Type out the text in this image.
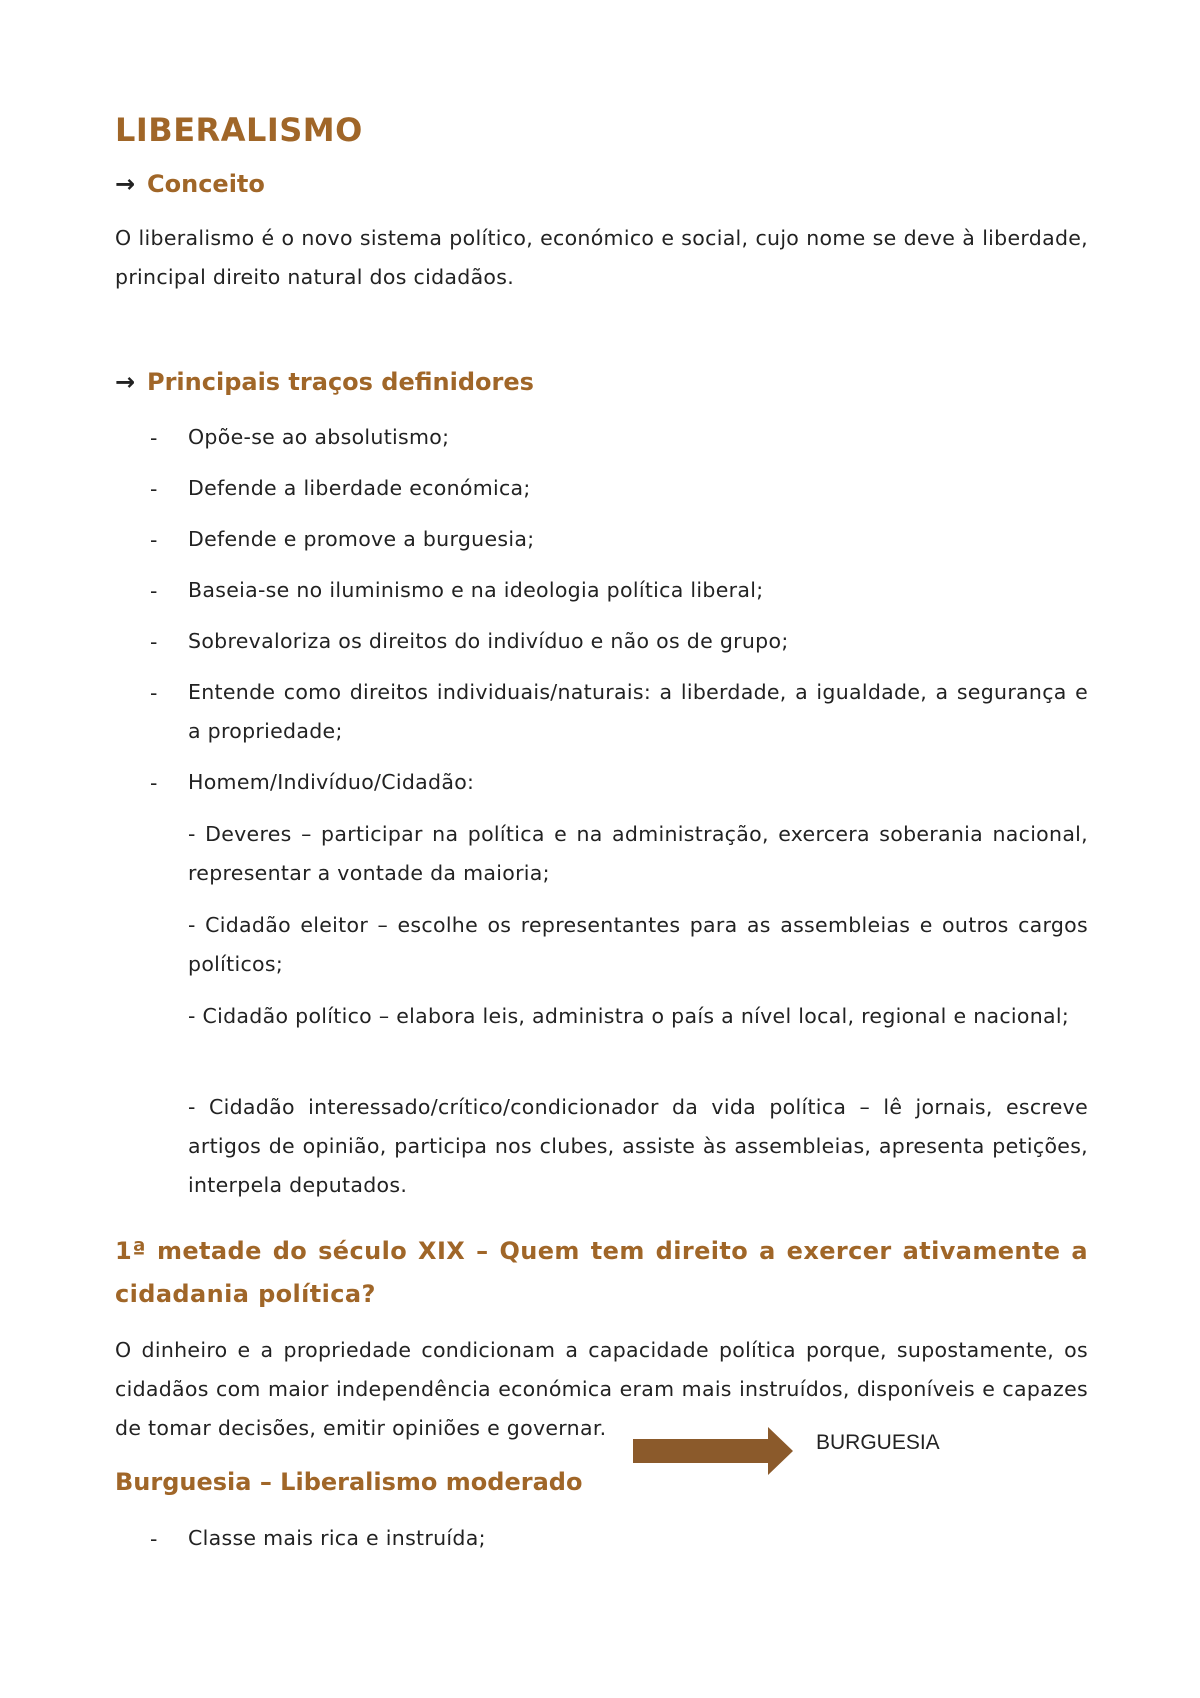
LIBERALISMO
→ Conceito
O liberalismo é o novo sistema político, económico e social, cujo nome se deve à liberdade, principal direito natural dos cidadãos.
→ Principais traços definidores
- Opõe-se ao absolutismo;
- Defende a liberdade económica;
- Defende e promove a burguesia;
- Baseia-se no iluminismo e na ideologia política liberal;
- Sobrevaloriza os direitos do indivíduo e não os de grupo;
- Entende como direitos individuais/naturais: a liberdade, a igualdade, a segurança e a propriedade;
- Homem/Indivíduo/Cidadão:
- Deveres – participar na política e na administração, exercera soberania nacional, representar a vontade da maioria;
- Cidadão eleitor – escolhe os representantes para as assembleias e outros cargos políticos;
- Cidadão político – elabora leis, administra o país a nível local, regional e nacional;
- Cidadão interessado/crítico/condicionador da vida política – lê jornais, escreve artigos de opinião, participa nos clubes, assiste às assembleias, apresenta petições, interpela deputados.
1ª metade do século XIX – Quem tem direito a exercer ativamente a cidadania política?
O dinheiro e a propriedade condicionam a capacidade política porque, supostamente, os cidadãos com maior independência económica eram mais instruídos, disponíveis e capazes de tomar decisões, emitir opiniões e governar.
BURGUESIA
Burguesia – Liberalismo moderado
- Classe mais rica e instruída;
